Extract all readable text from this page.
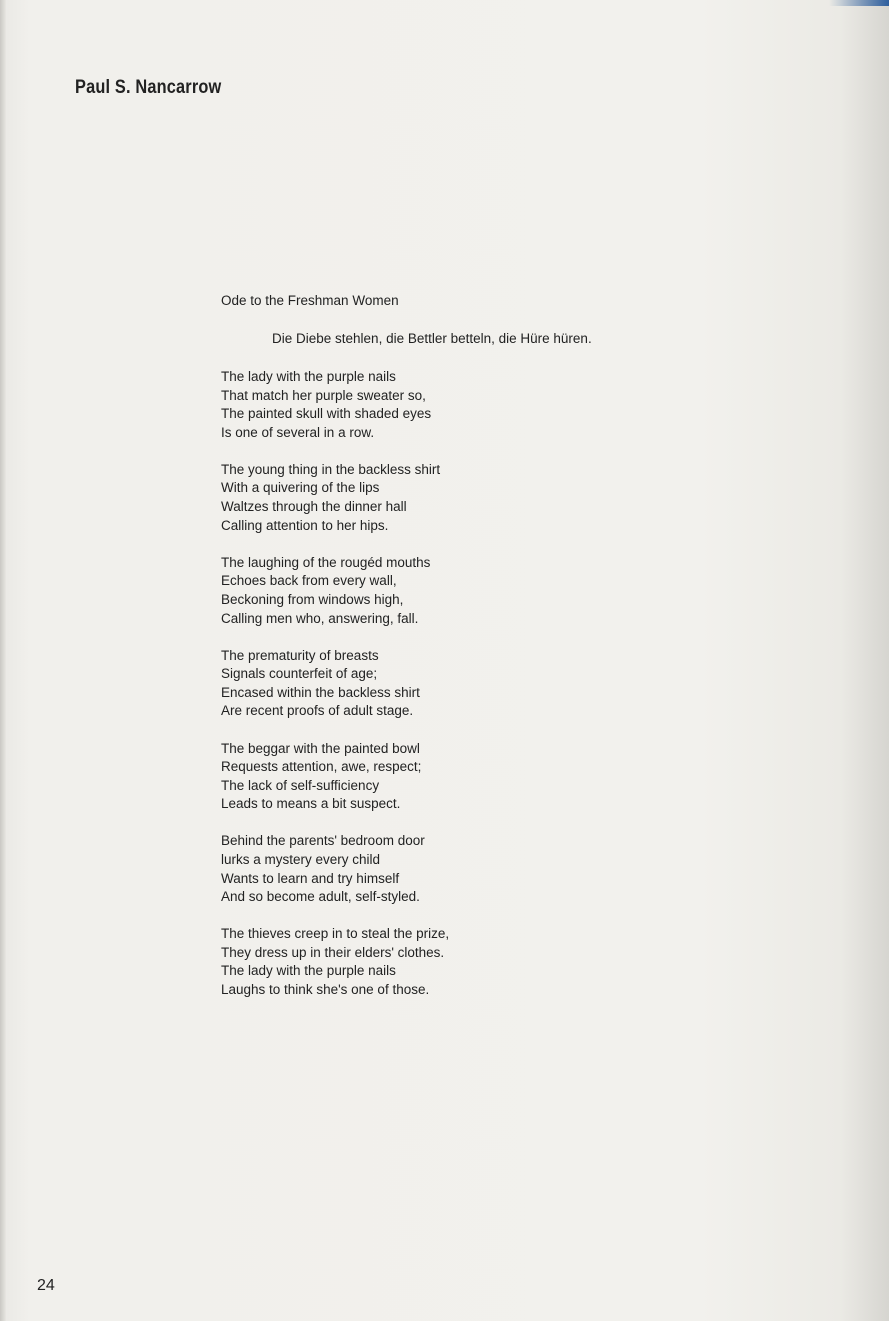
Paul S. Nancarrow
Ode to the Freshman Women
Die Diebe stehlen, die Bettler betteln, die Hüre hüren.
The lady with the purple nails
That match her purple sweater so,
The painted skull with shaded eyes
Is one of several in a row.
The young thing in the backless shirt
With a quivering of the lips
Waltzes through the dinner hall
Calling attention to her hips.
The laughing of the rougéd mouths
Echoes back from every wall,
Beckoning from windows high,
Calling men who, answering, fall.
The prematurity of breasts
Signals counterfeit of age;
Encased within the backless shirt
Are recent proofs of adult stage.
The beggar with the painted bowl
Requests attention, awe, respect;
The lack of self-sufficiency
Leads to means a bit suspect.
Behind the parents' bedroom door
lurks a mystery every child
Wants to learn and try himself
And so become adult, self-styled.
The thieves creep in to steal the prize,
They dress up in their elders' clothes.
The lady with the purple nails
Laughs to think she's one of those.
24
